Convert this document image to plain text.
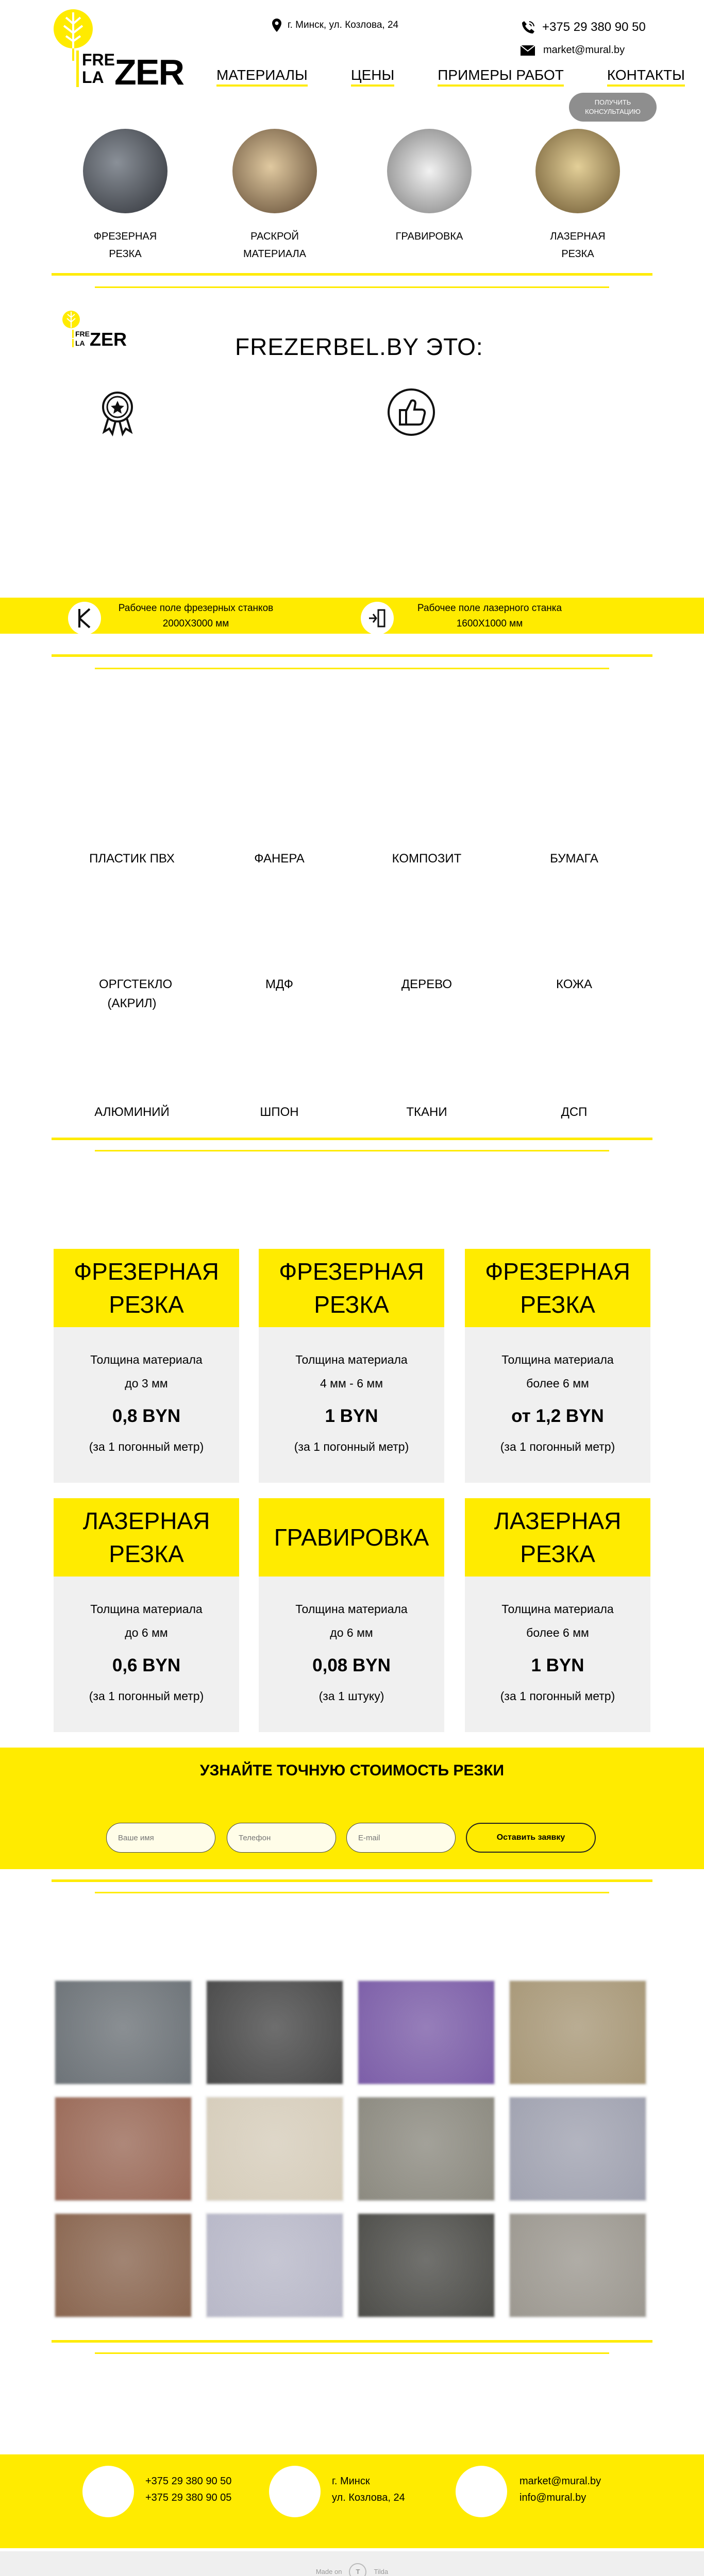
FRE
LA ZER
г. Минск, ул. Козлова, 24	+375 29 380 90 50
market@mural.by
МАТЕРИАЛЫ	ЦЕНЫ	ПРИМЕРЫ РАБОТ	КОНТАКТЫ
ПОЛУЧИТЬ
КОНСУЛЬТАЦИЮ
ФРЕЗЕРНАЯ
РЕЗКА
РАСКРОЙ
МАТЕРИАЛА
ГРАВИРОВКА	ЛАЗЕРНАЯ
РЕЗКА
FRE
LA ZER	FREZERBEL.BY ЭТО:
Рабочее поле фрезерных станков
2000Х3000 мм
Рабочее поле лазерного станка
1600Х1000 мм
ПЛАСТИК ПВХ	ФАНЕРА	КОМПОЗИТ	БУМАГА
ОРГСТЕКЛО (АКРИЛ)
МДФ	ДЕРЕВО	КОЖА
АЛЮМИНИЙ	ШПОН	ТКАНИ	ДСП
ФРЕЗЕРНАЯ РЕЗКА
Толщина материала
до 3 мм
0,8 BYN
(за 1 погонный метр)
ФРЕЗЕРНАЯ РЕЗКА
Толщина материала
4 мм - 6 мм
1 BYN
(за 1 погонный метр)
ФРЕЗЕРНАЯ РЕЗКА
Толщина материала
более 6 мм
от 1,2 BYN
(за 1 погонный метр)
ЛАЗЕРНАЯ РЕЗКА
Толщина материала
до 6 мм
0,6 BYN
(за 1 погонный метр)
ГРАВИРОВКА
Толщина материала
до 6 мм
0,08 BYN
(за 1 штуку)
ЛАЗЕРНАЯ РЕЗКА
Толщина материала
более 6 мм
1 BYN
(за 1 погонный метр)
УЗНАЙТЕ ТОЧНУЮ СТОИМОСТЬ РЕЗКИ
Ваше имя
Телефон
E-mail
Оставить заявку
+375 29 380 90 50
+375 29 380 90 05
г. Минск
ул. Козлова, 24
market@mural.by
info@mural.by
Made on	T	Tilda
